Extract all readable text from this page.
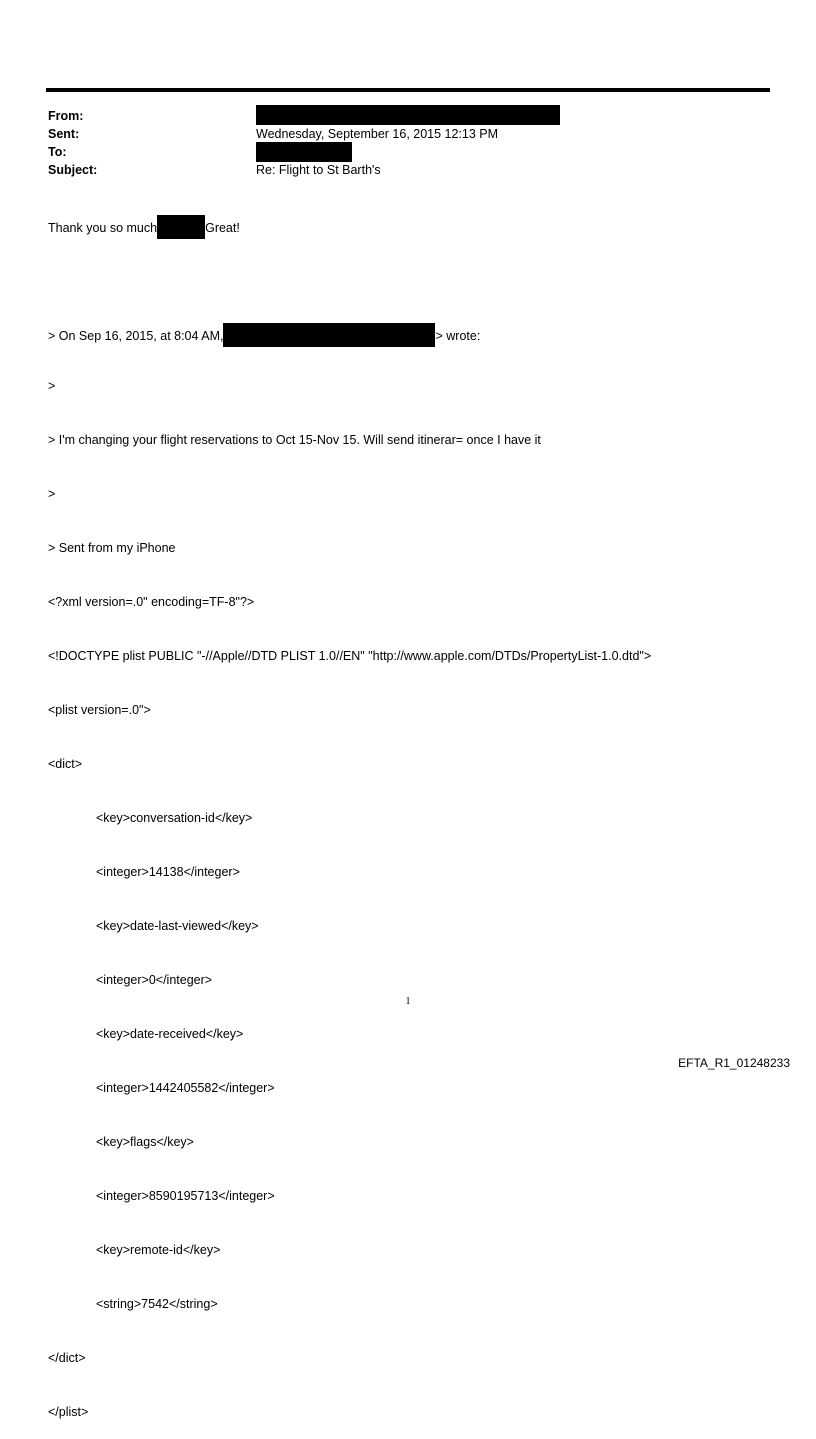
From:
Sent:	Wednesday, September 16, 2015 12:13 PM
To:
Subject:	Re: Flight to St Barth's
Thank you so much	Great!

> On Sep 16, 2015, at 8:04 AM,	> wrote:

>

> I'm changing your flight reservations to Oct 15-Nov 15. Will send itinerar= once I have it

>

> Sent from my iPhone

<?xml version=.0" encoding=TF-8"?>

<!DOCTYPE plist PUBLIC "-//Apple//DTD PLIST 1.0//EN" "http://www.apple.com/DTDs/PropertyList-1.0.dtd">

<plist version=.0">

<dict>

<key>conversation-id</key>

<integer>14138</integer>

<key>date-last-viewed</key>

<integer>0</integer>

<key>date-received</key>

<integer>1442405582</integer>

<key>flags</key>

<integer>8590195713</integer>

<key>remote-id</key>

<string>7542</string>

</dict>

</plist>

1
EFTA_R1_01248233
